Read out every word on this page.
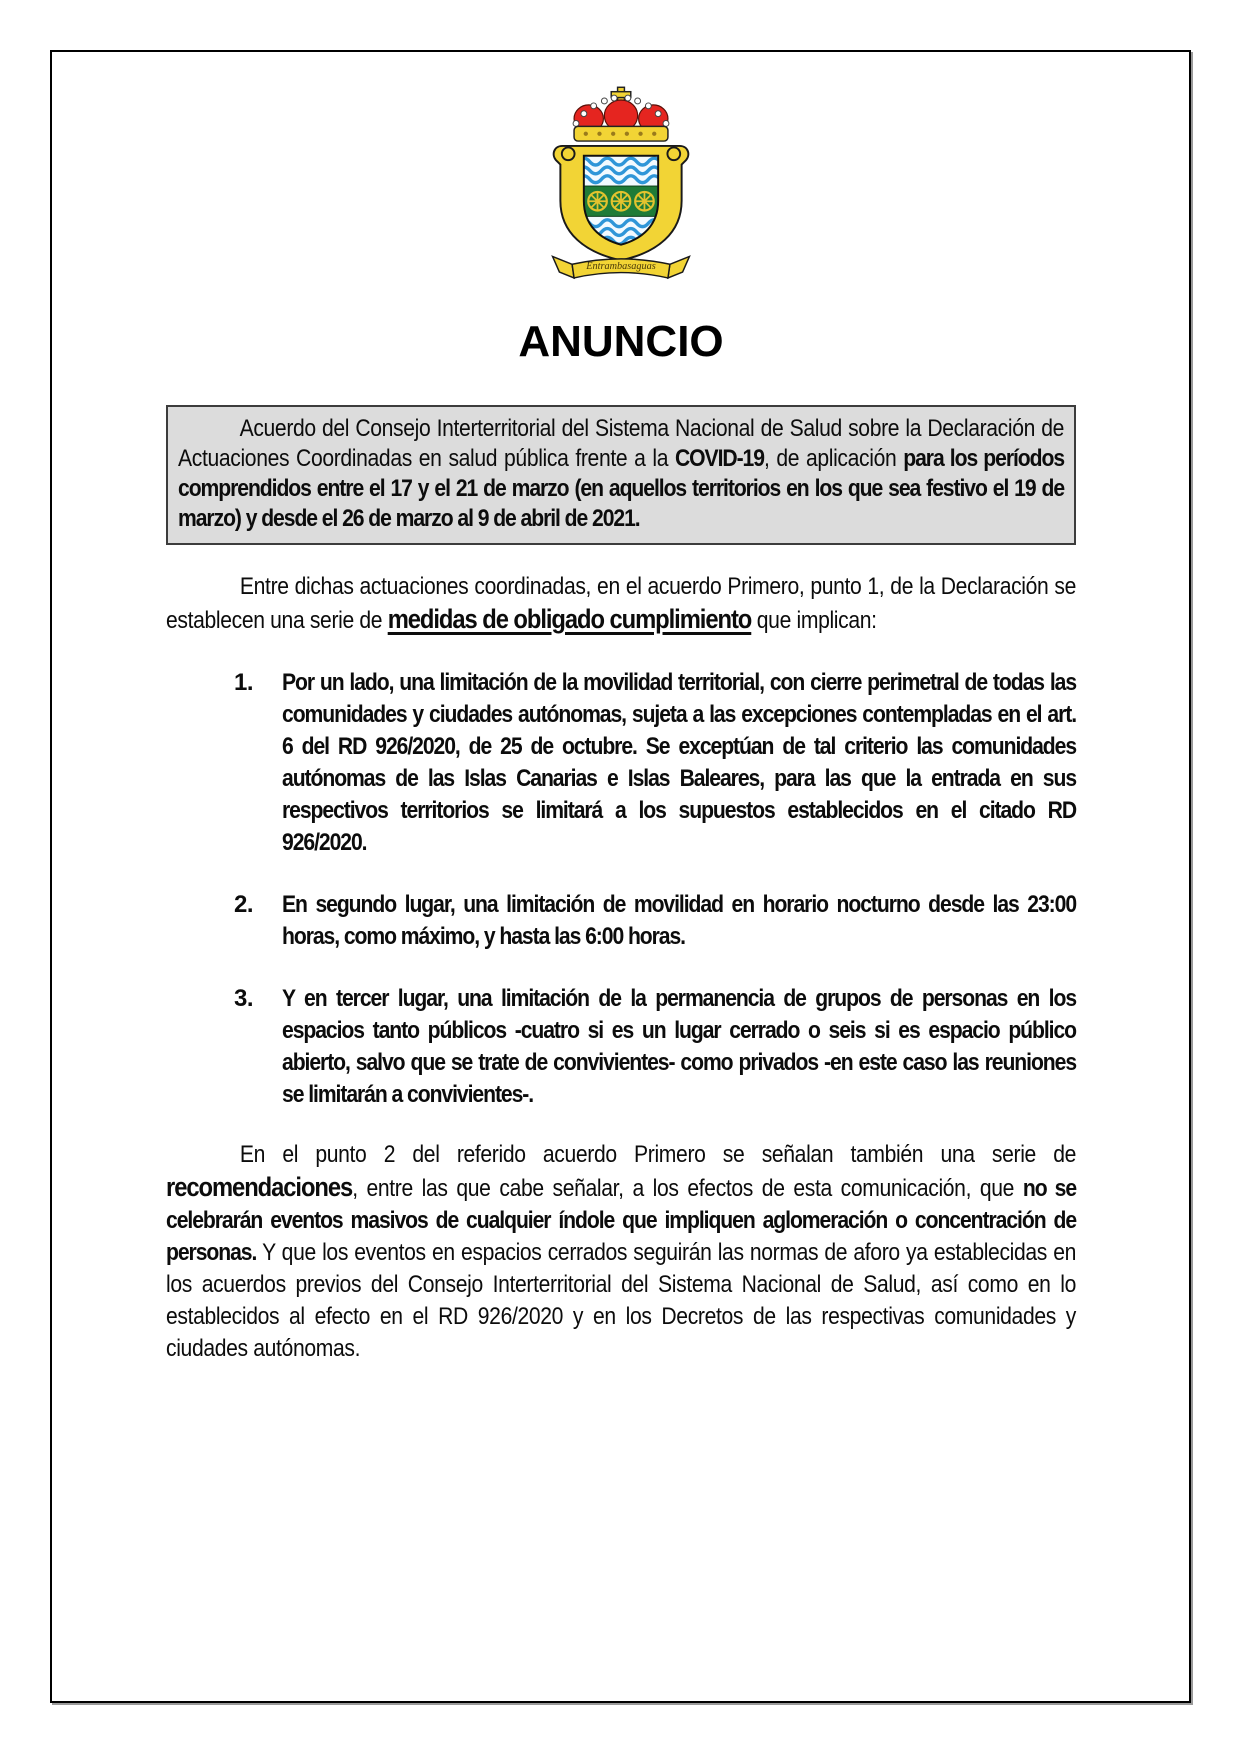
Entrambasaguas
ANUNCIO

Acuerdo del Consejo Interterritorial del Sistema Nacional de Salud sobre la Declaración de Actuaciones Coordinadas en salud pública frente a la COVID-19, de aplicación para los períodos comprendidos entre el 17 y el 21 de marzo (en aquellos territorios en los que sea festivo el 19 de marzo) y desde el 26 de marzo al 9 de abril de 2021.

Entre dichas actuaciones coordinadas, en el acuerdo Primero, punto 1, de la Declaración se establecen una serie de medidas de obligado cumplimiento que implican:

1. Por un lado, una limitación de la movilidad territorial, con cierre perimetral de todas las comunidades y ciudades autónomas, sujeta a las excepciones contempladas en el art. 6 del RD 926/2020, de 25 de octubre. Se exceptúan de tal criterio las comunidades autónomas de las Islas Canarias e Islas Baleares, para las que la entrada en sus respectivos territorios se limitará a los supuestos establecidos en el citado RD 926/2020.

2. En segundo lugar, una limitación de movilidad en horario nocturno desde las 23:00 horas, como máximo, y hasta las 6:00 horas.

3. Y en tercer lugar, una limitación de la permanencia de grupos de personas en los espacios tanto públicos -cuatro si es un lugar cerrado o seis si es espacio público abierto, salvo que se trate de convivientes- como privados -en este caso las reuniones se limitarán a convivientes-.

En el punto 2 del referido acuerdo Primero se señalan también una serie de recomendaciones, entre las que cabe señalar, a los efectos de esta comunicación, que no se celebrarán eventos masivos de cualquier índole que impliquen aglomeración o concentración de personas. Y que los eventos en espacios cerrados seguirán las normas de aforo ya establecidas en los acuerdos previos del Consejo Interterritorial del Sistema Nacional de Salud, así como en lo establecidos al efecto en el RD 926/2020 y en los Decretos de las respectivas comunidades y ciudades autónomas.
